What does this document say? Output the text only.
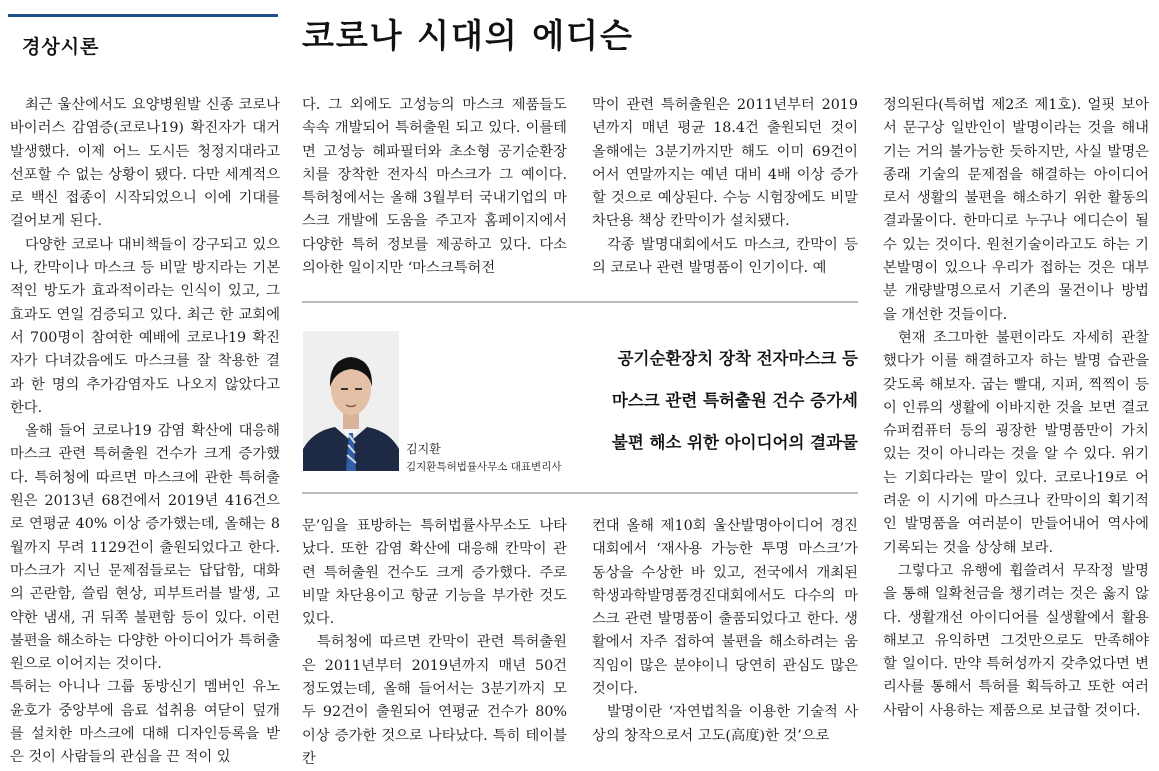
경상시론	코로나 시대의 에디슨

최근 울산에서도 요양병원발 신종 코로나바이러스 감염증(코로나19) 확진자가 대거 발생했다. 이제 어느 도시든 청정지대라고 선포할 수 없는 상황이 됐다. 다만 세계적으로 백신 접종이 시작되었으니 이에 기대를 걸어보게 된다.

다양한 코로나 대비책들이 강구되고 있으나, 칸막이나 마스크 등 비말 방지라는 기본적인 방도가 효과적이라는 인식이 있고, 그 효과도 연일 검증되고 있다. 최근 한 교회에서 700명이 참여한 예배에 코로나19 확진자가 다녀갔음에도 마스크를 잘 착용한 결과 한 명의 추가감염자도 나오지 않았다고 한다.

올해 들어 코로나19 감염 확산에 대응해 마스크 관련 특허출원 건수가 크게 증가했다. 특허청에 따르면 마스크에 관한 특허출원은 2013년 68건에서 2019년 416건으로 연평균 40% 이상 증가했는데, 올해는 8월까지 무려 1129건이 출원되었다고 한다. 마스크가 지닌 문제점들로는 답답함, 대화의 곤란함, 쓸림 현상, 피부트러블 발생, 고약한 냄새, 귀 뒤쪽 불편함 등이 있다. 이런 불편을 해소하는 다양한 아이디어가 특허출원으로 이어지는 것이다.

특허는 아니나 그룹 동방신기 멤버인 유노윤호가 중앙부에 음료 섭취용 여닫이 덮개를 설치한 마스크에 대해 디자인등록을 받은 것이 사람들의 관심을 끈 적이 있

다. 그 외에도 고성능의 마스크 제품들도 속속 개발되어 특허출원 되고 있다. 이를테면 고성능 헤파필터와 초소형 공기순환장치를 장착한 전자식 마스크가 그 예이다. 특허청에서는 올해 3월부터 국내기업의 마스크 개발에 도움을 주고자 홈페이지에서 다양한 특허 정보를 제공하고 있다. 다소 의아한 일이지만 ‘마스크특허전

막이 관련 특허출원은 2011년부터 2019년까지 매년 평균 18.4건 출원되던 것이 올해에는 3분기까지만 해도 이미 69건이어서 연말까지는 예년 대비 4배 이상 증가할 것으로 예상된다. 수능 시험장에도 비말 차단용 책상 칸막이가 설치됐다.

각종 발명대회에서도 마스크, 칸막이 등의 코로나 관련 발명품이 인기이다. 예

김지환
김지환특허법률사무소 대표변리사
공기순환장치 장착 전자마스크 등
마스크 관련 특허출원 건수 증가세
불편 해소 위한 아이디어의 결과물

문’임을 표방하는 특허법률사무소도 나타났다. 또한 감염 확산에 대응해 칸막이 관련 특허출원 건수도 크게 증가했다. 주로 비말 차단용이고 항균 기능을 부가한 것도 있다.

특허청에 따르면 칸막이 관련 특허출원은 2011년부터 2019년까지 매년 50건 정도였는데, 올해 들어서는 3분기까지 모두 92건이 출원되어 연평균 건수가 80% 이상 증가한 것으로 나타났다. 특히 테이블 칸

컨대 올해 제10회 울산발명아이디어 경진대회에서 ‘재사용 가능한 투명 마스크’가 동상을 수상한 바 있고, 전국에서 개최된 학생과학발명품경진대회에서도 다수의 마스크 관련 발명품이 출품되었다고 한다. 생활에서 자주 접하여 불편을 해소하려는 움직임이 많은 분야이니 당연히 관심도 많은 것이다.

발명이란 ‘자연법칙을 이용한 기술적 사상의 창작으로서 고도(高度)한 것’으로

정의된다(특허법 제2조 제1호). 얼핏 보아서 문구상 일반인이 발명이라는 것을 해내기는 거의 불가능한 듯하지만, 사실 발명은 종래 기술의 문제점을 해결하는 아이디어로서 생활의 불편을 해소하기 위한 활동의 결과물이다. 한마디로 누구나 에디슨이 될 수 있는 것이다. 원천기술이라고도 하는 기본발명이 있으나 우리가 접하는 것은 대부분 개량발명으로서 기존의 물건이나 방법을 개선한 것들이다.

현재 조그마한 불편이라도 자세히 관찰했다가 이를 해결하고자 하는 발명 습관을 갖도록 해보자. 굽는 빨대, 지퍼, 찍찍이 등이 인류의 생활에 이바지한 것을 보면 결코 슈퍼컴퓨터 등의 굉장한 발명품만이 가치 있는 것이 아니라는 것을 알 수 있다. 위기는 기회다라는 말이 있다. 코로나19로 어려운 이 시기에 마스크나 칸막이의 획기적인 발명품을 여러분이 만들어내어 역사에 기록되는 것을 상상해 보라.

그렇다고 유행에 휩쓸려서 무작정 발명을 통해 일확천금을 챙기려는 것은 옳지 않다. 생활개선 아이디어를 실생활에서 활용해보고 유익하면 그것만으로도 만족해야 할 일이다. 만약 특허성까지 갖추었다면 변리사를 통해서 특허를 획득하고 또한 여러 사람이 사용하는 제품으로 보급할 것이다.
